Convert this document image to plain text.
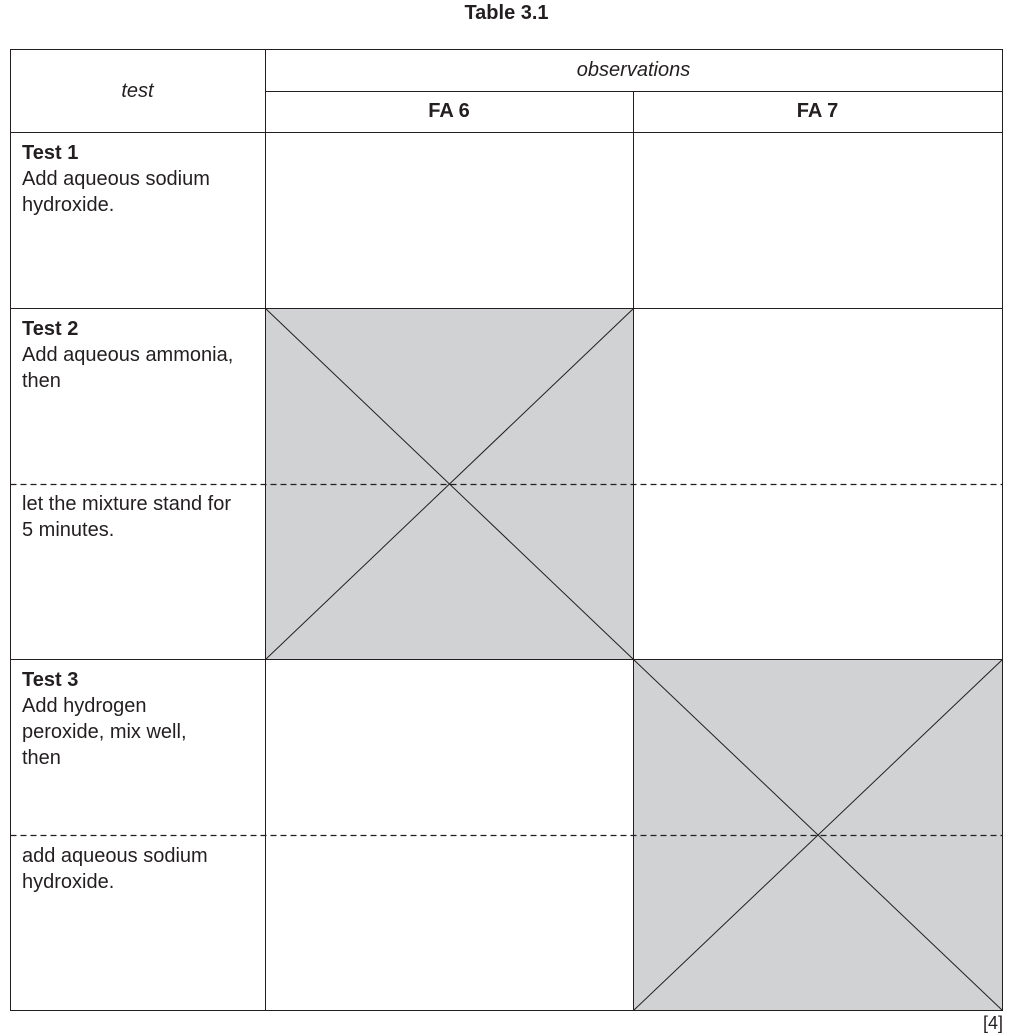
Table 3.1
test
observations
FA 6	FA 7
Test 1
Add aqueous sodium
hydroxide.
Test 2
Add aqueous ammonia,
then
let the mixture stand for
5 minutes.
Test 3
Add hydrogen
peroxide, mix well,
then
add aqueous sodium
hydroxide.
[4]
